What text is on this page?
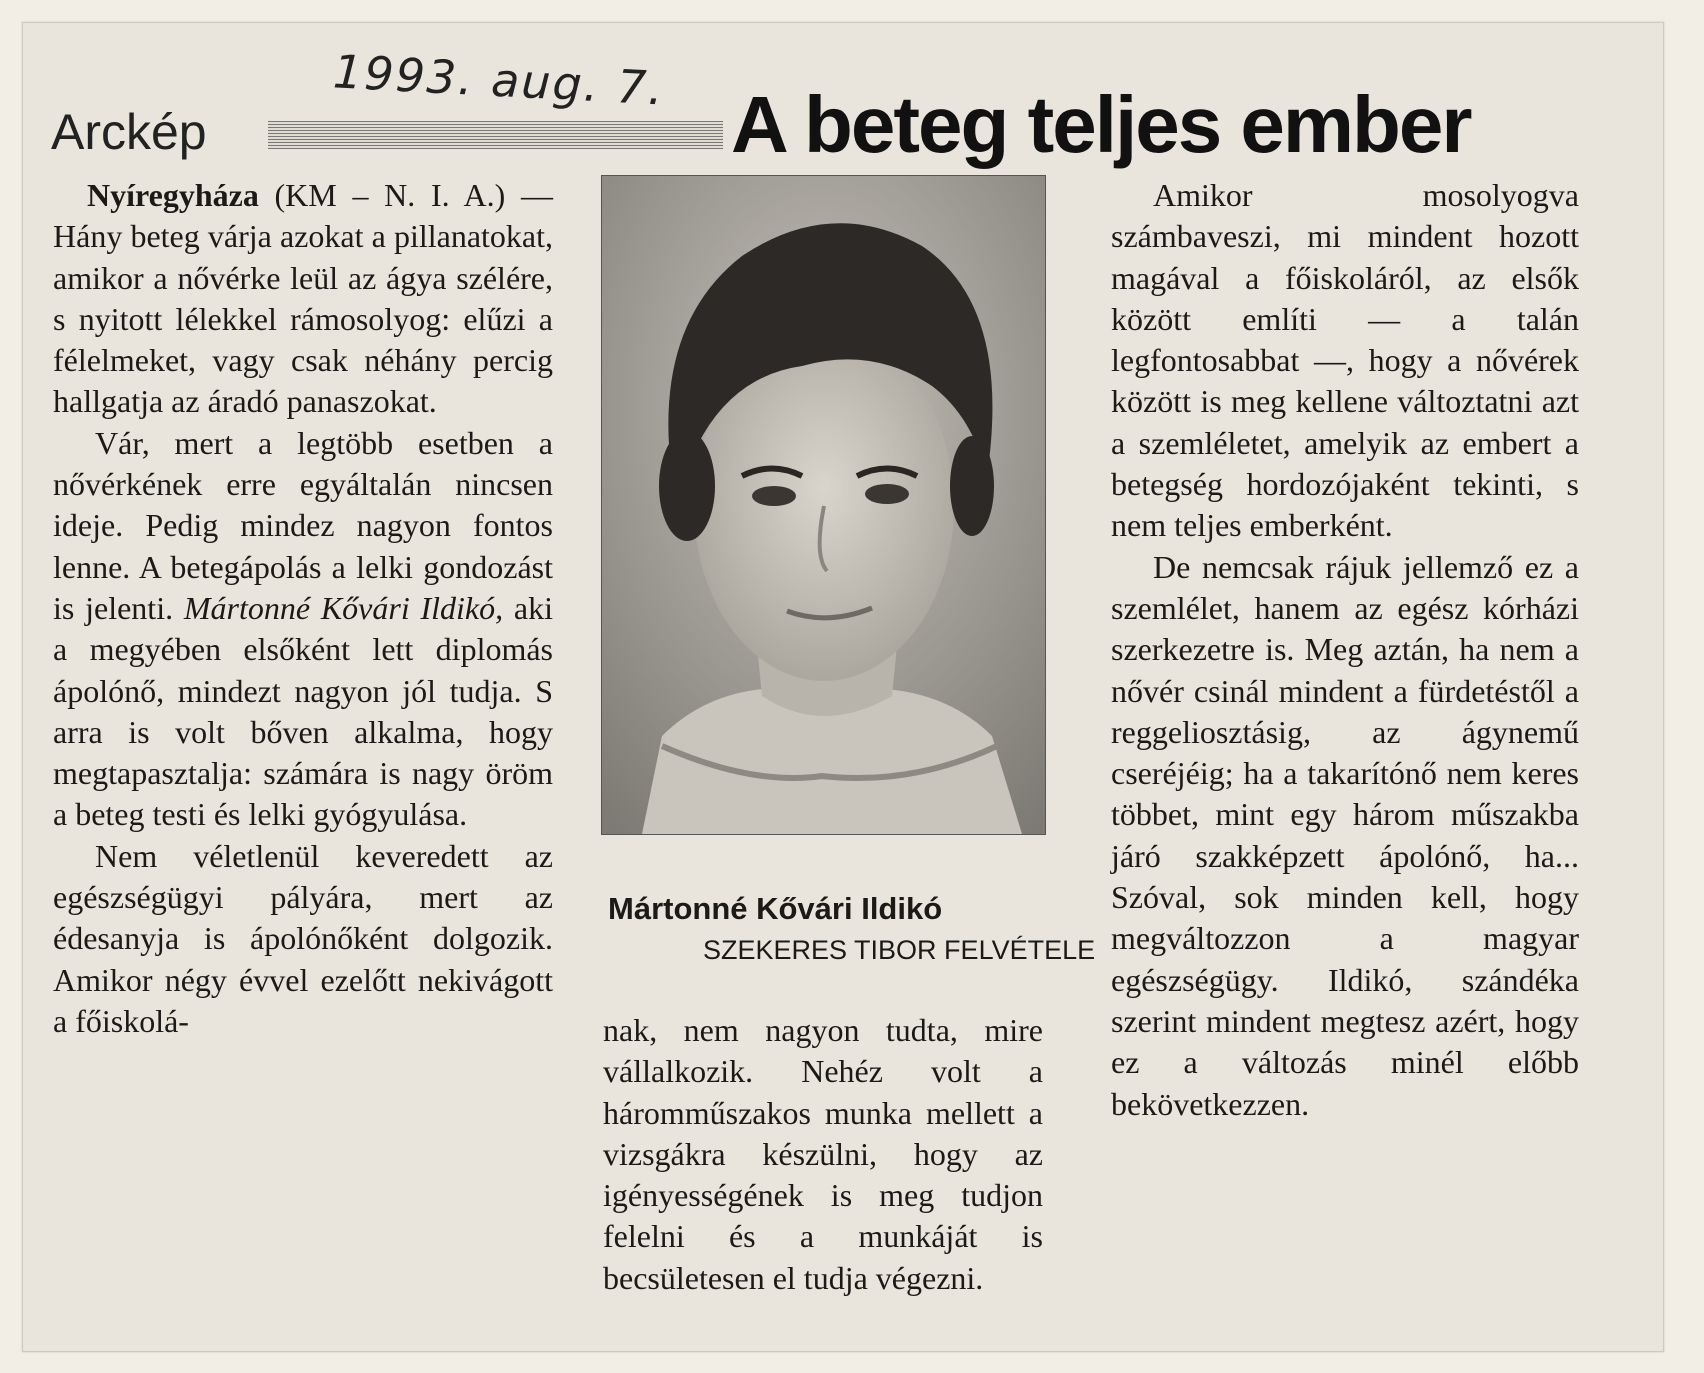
1993. aug. 7.
Arckép	A beteg teljes ember

Nyíregyháza (KM – N. I. A.) — Hány beteg várja azokat a pillanatokat, amikor a nővérke leül az ágya szélére, s nyitott lélekkel rámosolyog: elűzi a félelmeket, vagy csak néhány percig hallgatja az áradó panaszokat.

Vár, mert a legtöbb esetben a nővérkének erre egyáltalán nincsen ideje. Pedig mindez nagyon fontos lenne. A betegápolás a lelki gondozást is jelenti. Mártonné Kővári Ildikó, aki a megyében elsőként lett diplomás ápolónő, mindezt nagyon jól tudja. S arra is volt bőven alkalma, hogy megtapasztalja: számára is nagy öröm a beteg testi és lelki gyógyulása.

Nem véletlenül keveredett az egészségügyi pályára, mert az édesanyja is ápolónőként dolgozik. Amikor négy évvel ezelőtt nekivágott a főiskolá-

Mártonné Kővári Ildikó
SZEKERES TIBOR FELVÉTELE

nak, nem nagyon tudta, mire vállalkozik. Nehéz volt a háromműszakos munka mellett a vizsgákra készülni, hogy az igényességének is meg tudjon felelni és a munkáját is becsületesen el tudja végezni.

Amikor mosolyogva számbaveszi, mi mindent hozott magával a főiskoláról, az elsők között említi — a talán legfontosabbat —, hogy a nővérek között is meg kellene változtatni azt a szemléletet, amelyik az embert a betegség hordozójaként tekinti, s nem teljes emberként.

De nemcsak rájuk jellemző ez a szemlélet, hanem az egész kórházi szerkezetre is. Meg aztán, ha nem a nővér csinál mindent a fürdetéstől a reggeliosztásig, az ágynemű cseréjéig; ha a takarítónő nem keres többet, mint egy három műszakba járó szakképzett ápolónő, ha... Szóval, sok minden kell, hogy megváltozzon a magyar egészségügy. Ildikó, szándéka szerint mindent megtesz azért, hogy ez a változás minél előbb bekövetkezzen.
